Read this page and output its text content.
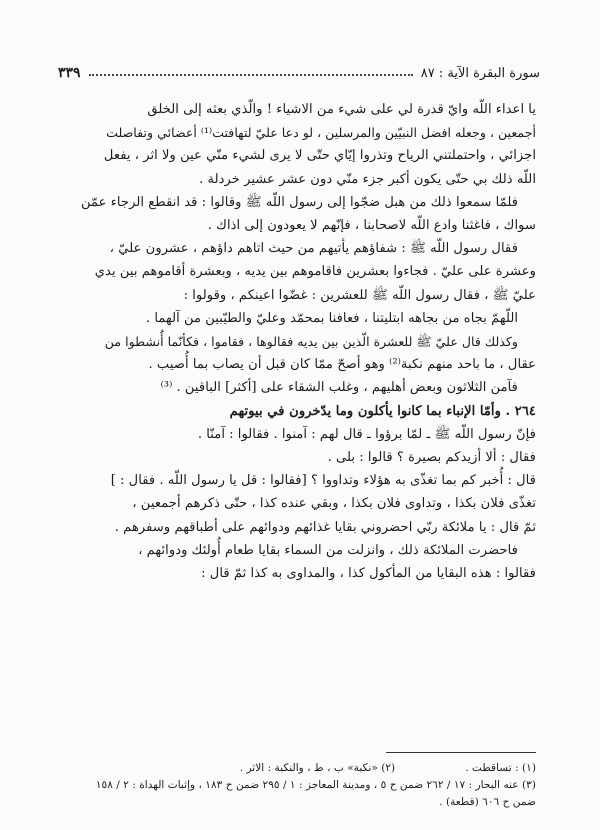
سورة البقرة الآية : ٨٧
٣٣٩

يا اعداء اللّه وايّ قدرة لي على شيء من الاشياء ! والّذي بعثه إلى الخلق

أجمعين ، وجعله افضل النبيّين والمرسلين ، لو دعا عليّ لتهافتت⁽¹⁾ أعضائي وتفاصلت

اجزائي ، واحتملتني الرياح وتذروا إيّاي حتّى لا يرى لشيء منّي عين ولا اثر ، يفعل

اللّه ذلك بي حتّى يكون أكبر جزء منّي دون عشر عشير خردلة .

فلمّا سمعوا ذلك من هبل ضجّوا إلى رسول اللّه ﷺ وقالوا : قد انقطع الرجاء عمّن

سواك ، فاغثنا وادع اللّه لاصحابنا ، فإنّهم لا يعودون إلى اذاك .

فقال رسول اللّه ﷺ : شفاؤهم يأتيهم من حيث اتاهم داؤهم ، عشرون عليّ ،

وعشرة على عليّ . فجاءوا بعشرين فاقاموهم بين يديه ، وبعشرة أقاموهم بين يدي

عليّ ﷺ ، فقال رسول اللّه ﷺ للعشرين : غضّوا اعينكم ، وقولوا :

اللّهمّ بجاه من بجاهه ابتليتنا ، فعافنا بمحمّد وعليّ والطيّبين من آلهما .

وكذلك قال عليّ ﷺ للعشرة الّذين بين يديه فقالوها ، فقاموا ، فكأنّما أُنشطوا من

عقال ، ما باحد منهم نكبة⁽²⁾ وهو أصحّ ممّا كان قبل أن يصاب بما أُصيب .

فآمن الثلاثون وبعض أهليهم ، وغلب الشقاء على [أكثر] الباقين . ⁽³⁾

٢٦٤ . وأمّا الإنباء بما كانوا يأكلون وما يدّخرون في بيوتهم

فإنّ رسول اللّه ﷺ ـ لمّا برؤوا ـ قال لهم : آمنوا . فقالوا : آمنّا .

فقال : ألا أزيدكم بصيرة ؟ قالوا : بلى .

قال : أُخبر كم بما تغذّى به هؤلاء وتداووا ؟ [فقالوا : قل يا رسول اللّه . فقال : ]

تغذّى فلان بكذا ، وتداوى فلان بكذا ، وبقي عنده كذا ، حتّى ذكرهم أجمعين ،

ثمّ قال : يا ملائكة ربّي احضروني بقايا غذائهم ودوائهم على أطباقهم وسفرهم .

فاحضرت الملائكة ذلك ، وانزلت من السماء بقايا طعام أُولئك ودوائهم ،

فقالوا : هذه البقايا من المأكول كذا ، والمداوى به كذا ثمّ قال :

(١) : تساقطت .(٢) «نكبة» ب ، ط ، والنكبة : الاثر .

(٣) عنه البحار : ١٧ / ٢٦٢ ضمن ح ٥ ، ومدينة المعاجز : ١ / ٢٩٥ ضمن ح ١٨٣ ، وإثبات الهداة : ٢ / ١٥٨

ضمن ح ٦٠٦ (قطعة) .
